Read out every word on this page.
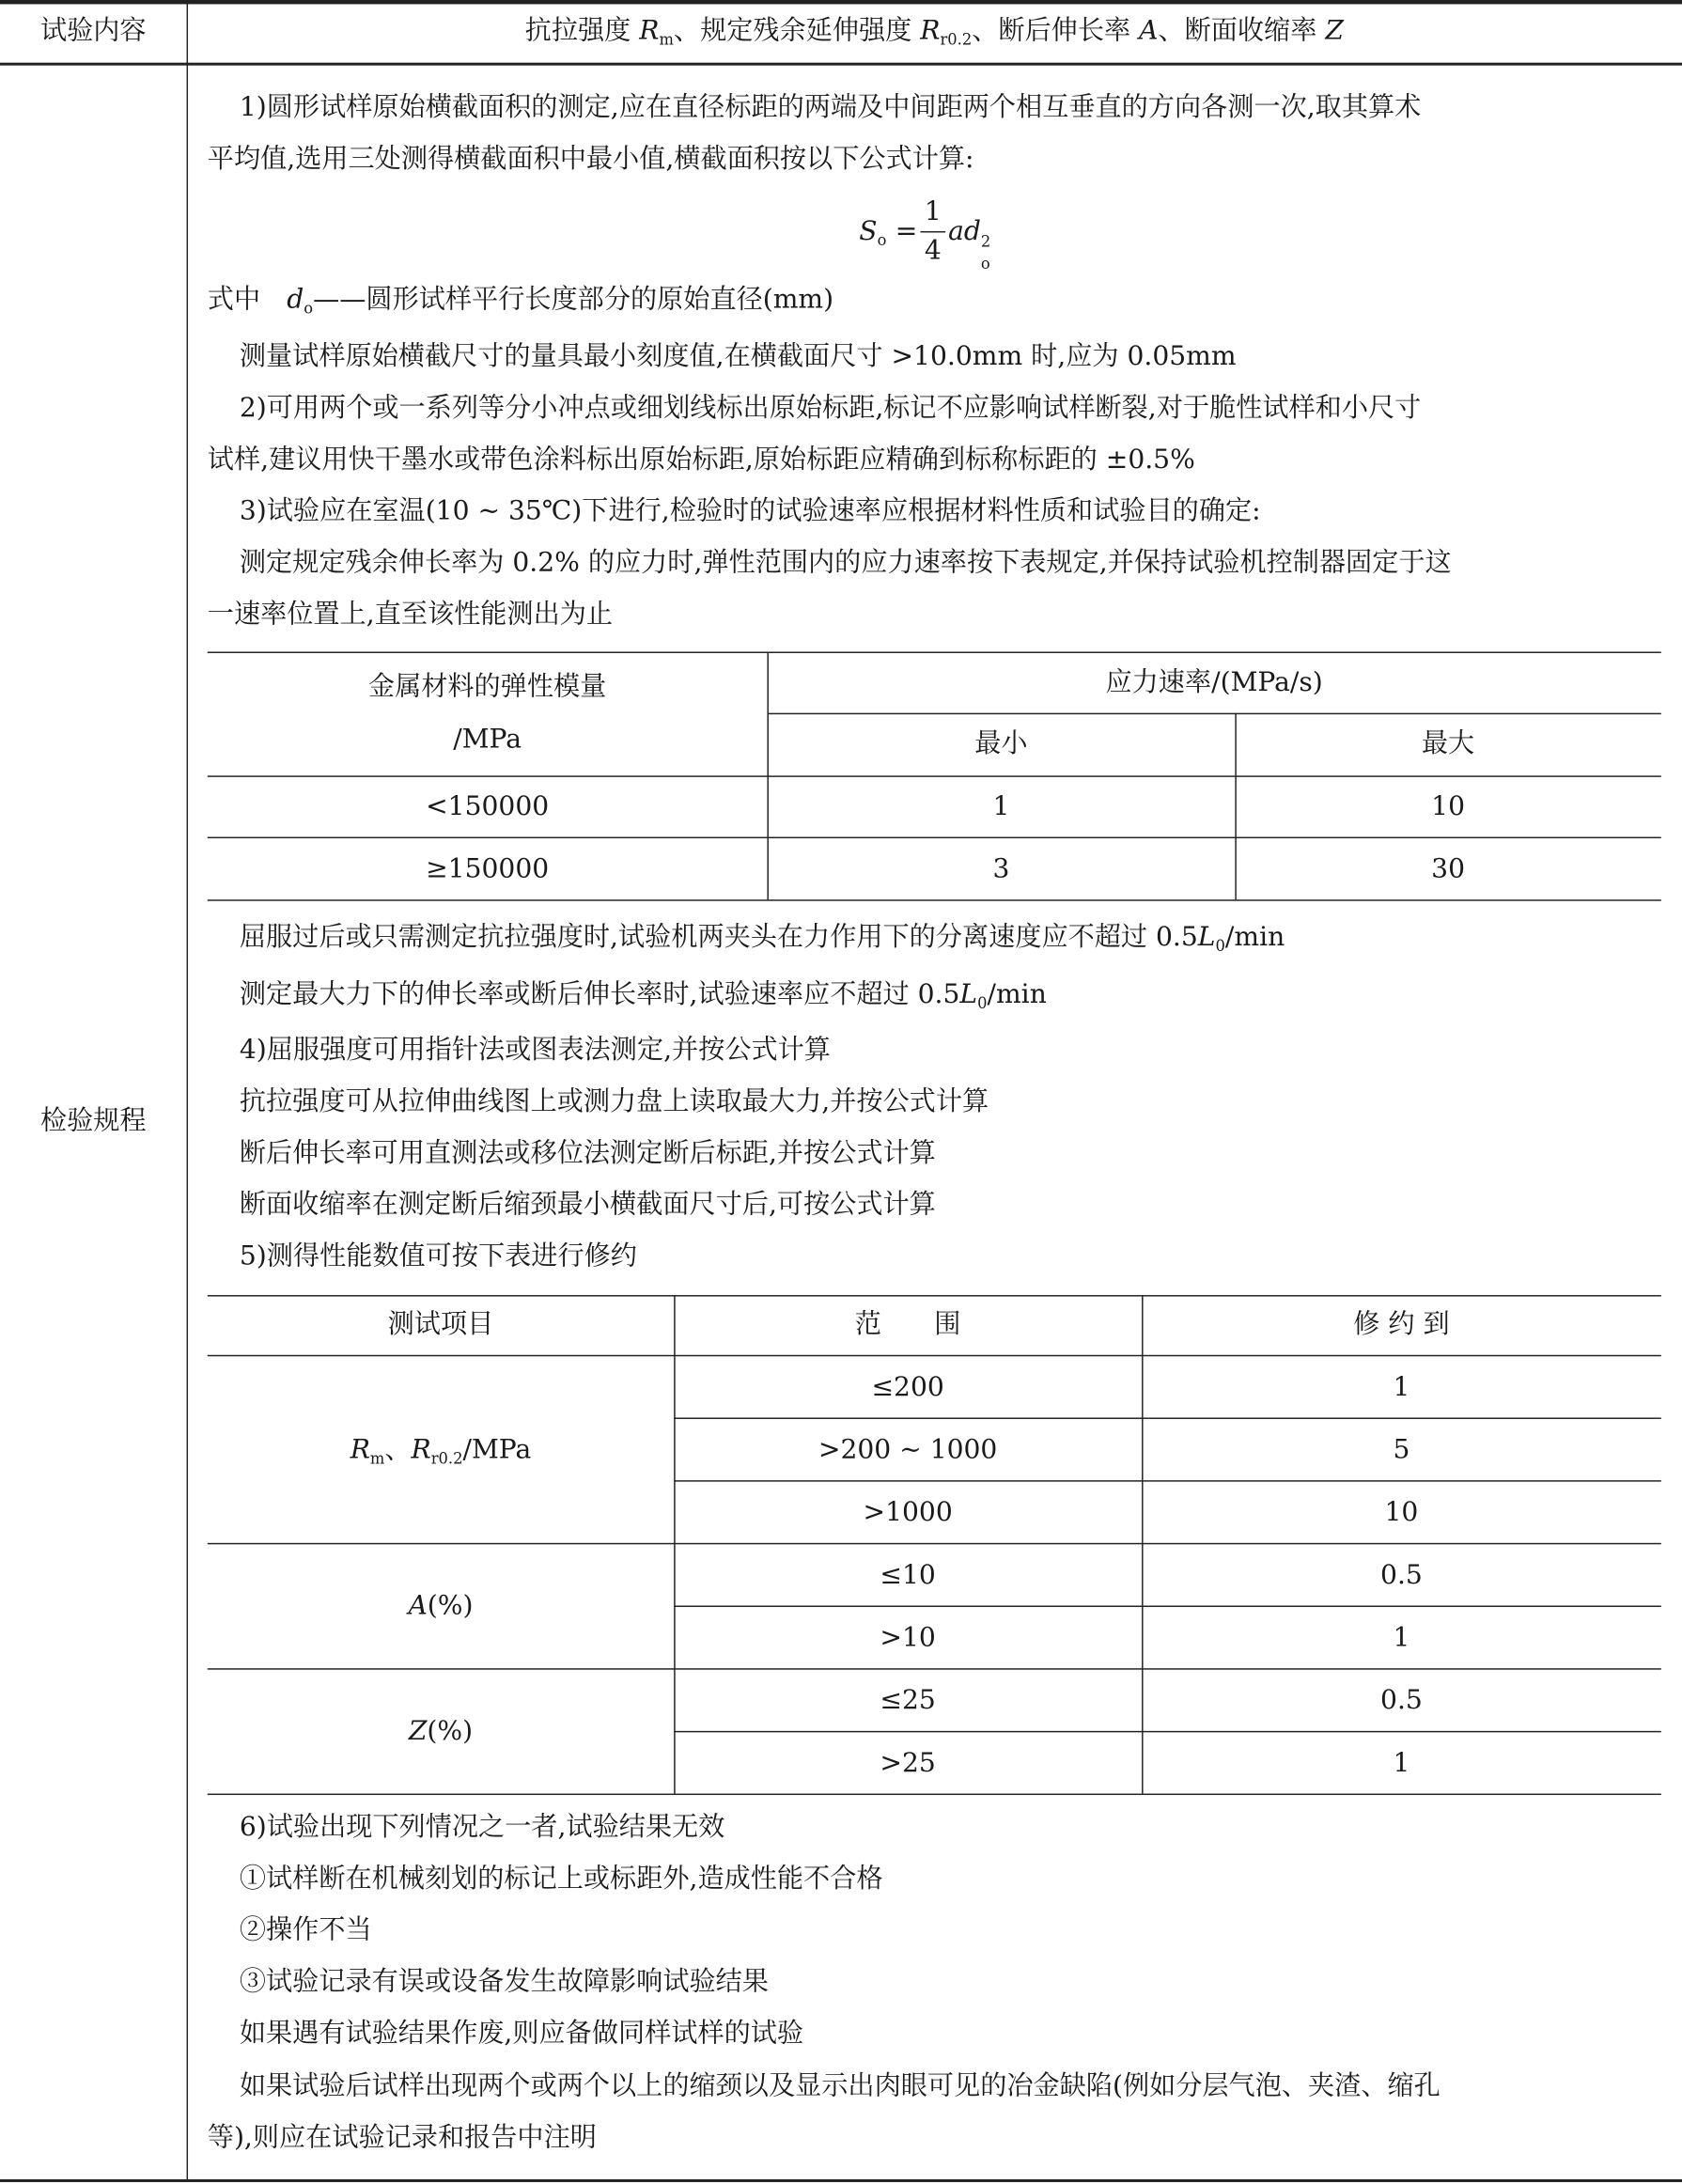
试验内容	抗拉强度 $R_m$、规定残余延伸强度 $R_{r0.2}$、断后伸长率 A、断面收缩率 Z
检验规程
1)圆形试样原始横截面积的测定,应在直径标距的两端及中间距两个相互垂直的方向各测一次,取其算术
平均值,选用三处测得横截面积中最小值,横截面积按以下公式计算:
式中　$d_o——$圆形试样平行长度部分的原始直径(mm)
测量试样原始横截尺寸的量具最小刻度值,在横截面尺寸 >10.0mm 时,应为 0.05mm
2)可用两个或一系列等分小冲点或细划线标出原始标距,标记不应影响试样断裂,对于脆性试样和小尺寸
试样,建议用快干墨水或带色涂料标出原始标距,原始标距应精确到标称标距的 ±0.5%
3)试验应在室温(10 ~ 35℃)下进行,检验时的试验速率应根据材料性质和试验目的确定:
测定规定残余伸长率为 0.2% 的应力时,弹性范围内的应力速率按下表规定,并保持试验机控制器固定于这
一速率位置上,直至该性能测出为止
$S_o$ =
1
4
ad 2
o
金属材料的弹性模量
/MPa
应力速率/(MPa/s)
最小	最大
<150000	1	10
≥150000	3	30
屈服过后或只需测定抗拉强度时,试验机两夹头在力作用下的分离速度应不超过 $0.5L_0/\min$
测定最大力下的伸长率或断后伸长率时,试验速率应不超过 $0.5L_0/\min$
4)屈服强度可用指针法或图表法测定,并按公式计算
抗拉强度可从拉伸曲线图上或测力盘上读取最大力,并按公式计算
断后伸长率可用直测法或移位法测定断后标距,并按公式计算
断面收缩率在测定断后缩颈最小横截面尺寸后,可按公式计算
5)测得性能数值可按下表进行修约
测试项目	范　　围	修 约 到
$R_m$、$R_{r0.2}$/MPa
≤200	1
>200 ~ 1000	5
>1000	10
A(%)
≤10	0.5
>10	1
Z(%)
≤25	0.5
>25	1
6)试验出现下列情况之一者,试验结果无效
①试样断在机械刻划的标记上或标距外,造成性能不合格
②操作不当
③试验记录有误或设备发生故障影响试验结果
如果遇有试验结果作废,则应备做同样试样的试验
如果试验后试样出现两个或两个以上的缩颈以及显示出肉眼可见的冶金缺陷(例如分层气泡、夹渣、缩孔
等),则应在试验记录和报告中注明
